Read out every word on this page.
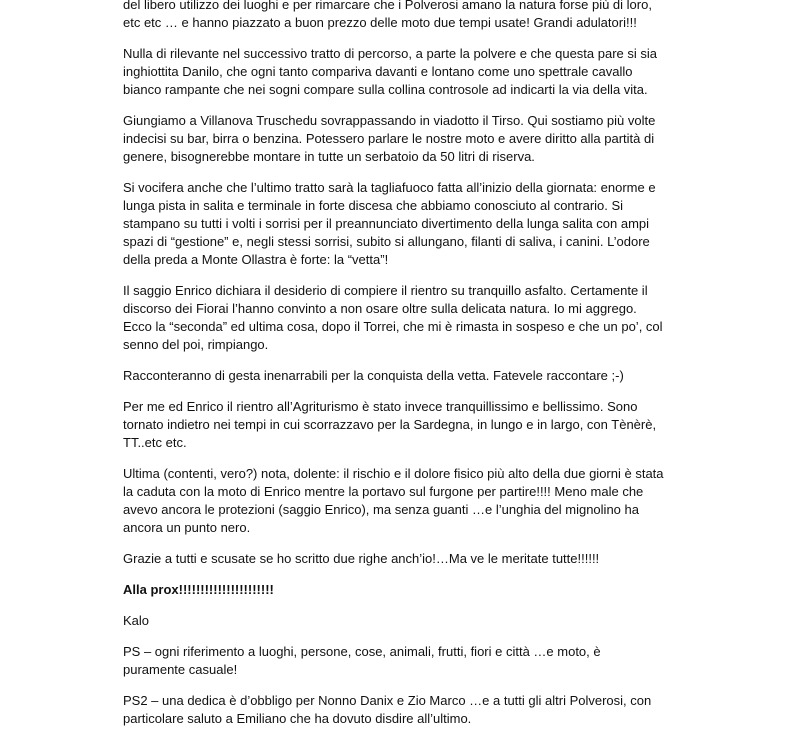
del libero utilizzo dei luoghi e per rimarcare che i Polverosi amano la natura forse più di loro,
etc etc … e hanno piazzato a buon prezzo delle moto due tempi usate! Grandi adulatori!!!

Nulla di rilevante nel successivo tratto di percorso, a parte la polvere e che questa pare si sia
inghiottita Danilo, che ogni tanto compariva davanti e lontano come uno spettrale cavallo
bianco rampante che nei sogni compare sulla collina controsole ad indicarti la via della vita.

Giungiamo a Villanova Truschedu sovrappassando in viadotto il Tirso. Qui sostiamo più volte
indecisi su bar, birra o benzina. Potessero parlare le nostre moto e avere diritto alla partità di
genere, bisognerebbe montare in tutte un serbatoio da 50 litri di riserva.

Si vocifera anche che l’ultimo tratto sarà la tagliafuoco fatta all’inizio della giornata: enorme e
lunga pista in salita e terminale in forte discesa che abbiamo conosciuto al contrario. Si
stampano su tutti i volti i sorrisi per il preannunciato divertimento della lunga salita con ampi
spazi di “gestione” e, negli stessi sorrisi, subito si allungano, filanti di saliva, i canini. L’odore
della preda a Monte Ollastra è forte: la “vetta”!

Il saggio Enrico dichiara il desiderio di compiere il rientro su tranquillo asfalto. Certamente il
discorso dei Fiorai l’hanno convinto a non osare oltre sulla delicata natura. Io mi aggrego.
Ecco la “seconda” ed ultima cosa, dopo il Torrei, che mi è rimasta in sospeso e che un po’, col
senno del poi, rimpiango.

Racconteranno di gesta inenarrabili per la conquista della vetta. Fatevele raccontare ;-)

Per me ed Enrico il rientro all’Agriturismo è stato invece tranquillissimo e bellissimo. Sono
tornato indietro nei tempi in cui scorrazzavo per la Sardegna, in lungo e in largo, con Tènèrè,
TT..etc etc.

Ultima (contenti, vero?) nota, dolente: il rischio e il dolore fisico più alto della due giorni è stata
la caduta con la moto di Enrico mentre la portavo sul furgone per partire!!!! Meno male che
avevo ancora le protezioni (saggio Enrico), ma senza guanti …e l’unghia del mignolino ha
ancora un punto nero.

Grazie a tutti e scusate se ho scritto due righe anch’io!…Ma ve le meritate tutte!!!!!!

Alla prox!!!!!!!!!!!!!!!!!!!!!!

Kalo

PS – ogni riferimento a luoghi, persone, cose, animali, frutti, fiori e città …e moto, è
puramente casuale!

PS2 – una dedica è d’obbligo per Nonno Danix e Zio Marco …e a tutti gli altri Polverosi, con
particolare saluto a Emiliano che ha dovuto disdire all’ultimo.
